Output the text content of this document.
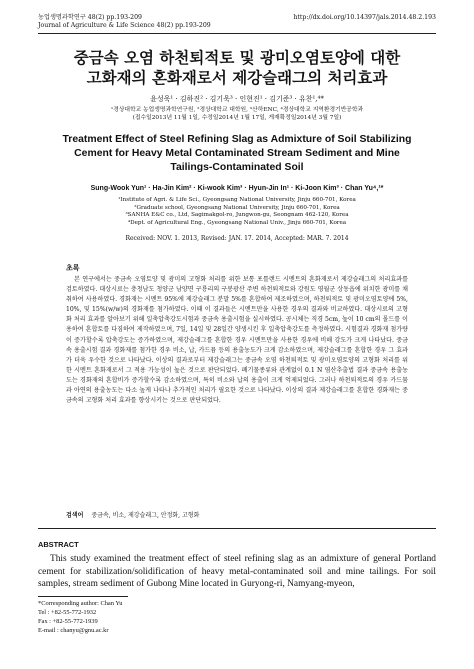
농업생명과학연구 48(2) pp.193-209	http://dx.doi.org/10.14397/jals.2014.48.2.193
Journal of Agriculture & Life Science 48(2) pp.193-209
중금속 오염 하천퇴적토 및 광미오염토양에 대한
고화재의 혼화재로서 제강슬래그의 처리효과
윤성욱¹ · 김하진² · 김기욱³ · 인현진¹ · 김기준³ · 유찬¹,⁴*
¹경상대학교 농업생명과학연구원, ²경상대학교 대학원, ³산하ENC, ⁴경상대학교 지역환경기반공학과
(접수일2013년 11월 1일, 수정일2014년 1월 17일, 게재확정일2014년 3월 7일)
Treatment Effect of Steel Refining Slag as Admixture of Soil Stabilizing
Cement for Heavy Metal Contaminated Stream Sediment and Mine
Tailings-Contaminated Soil
Sung-Wook Yun¹ · Ha-Jin Kim² · Ki-wook Kim³ · Hyun-Jin In¹ · Ki-Joon Kim³ · Chan Yu⁴,¹*
¹Institute of Agri. & Life Sci., Gyeongsang National University, Jinju 660-701, Korea
²Graduate school, Gyeongsang National University, Jinju 660-701, Korea
³SANHA E&C co., Ltd, Sagimakgol-ro, Jungwon-gu, Seongnam 462-120, Korea
⁴Dept. of Agricultural Eng., Gyeongsang National Univ., Jinju 660-701, Korea
Received: NOV. 1. 2013, Revised: JAN. 17. 2014, Accepted: MAR. 7. 2014
초록
본 연구에서는 중금속 오염토양 및 광미의 고형화 처리를 위한 보통 포틀랜드 시멘트의 혼화재로서 제강슬래그의 처리효과를 검토하였다. 대상시료는 충청남도 청양군 남양면 구룡리의 구봉광산 주변 하천퇴적토와 강원도 영월군 상동읍에 위치한 광미를 채취하여 사용하였다. 경화재는 시멘트 95%에 제강슬래그 분말 5%를 혼합하여 제조하였으며, 하천퇴적토 및 광미오염토양에 5%, 10%, 및 15%(w/w)의 경화재를 첨가하였다. 이때 이 결과들은 시멘트만을 사용한 경우의 결과와 비교하였다. 대상시료의 고형화 처리 효과를 알아보기 위해 일축압축강도시험과 중금속 용출시험을 실시하였다. 공시체는 직경 5cm, 높이 10 cm의 몰드를 이용하여 혼합토를 다짐하여 제작하였으며, 7일, 14일 및 28일간 양생시킨 후 일축압축강도를 측정하였다. 시험결과 경화재 첨가량이 증가할수록 압축강도는 증가하였으며, 제강슬래그를 혼합한 경우 시멘트만을 사용한 경우에 비해 강도가 크게 나타났다. 중금속 용출시험 결과 경화재를 첨가한 경우 비소, 납, 카드뮴 등의 용출농도가 크게 감소하였으며, 제강슬래그를 혼합한 경우 그 효과가 더욱 우수한 것으로 나타났다. 이상의 결과로부터 제강슬래그는 중금속 오염 하천퇴적토 및 광미오염토양의 고형화 처리를 위한 시멘트 혼화재로서 그 적용 가능성이 높은 것으로 판단되었다. 폐기물종류와 관계없이 0.1 N 염산추출법 결과 중금속 용출농도는 경화재의 혼합비가 증가할수록 감소하였으며, 특히 비소와 납의 용출이 크게 억제되었다. 그러나 하천퇴적토의 경우 카드뮴과 아연의 용출농도는 다소 높게 나타나 추가적인 처리가 필요한 것으로 나타났다. 이상의 결과 제강슬래그를 혼합한 경화재는 중금속의 고형화 처리 효과를 향상시키는 것으로 판단되었다.
검색어 중금속, 비소, 제강슬래그, 안정화, 고형화
ABSTRACT
This study examined the treatment effect of steel refining slag as an admixture of general Portland cement for stabilization/solidification of heavy metal-contaminated soil and mine tailings. For soil samples, stream sediment of Gubong Mine located in Guryong-ri, Namyang-myeon,
*Corresponding author: Chan Yu
Tel : +82-55-772-1932
Fax : +82-55-772-1939
E-mail : chanyu@gnu.ac.kr
